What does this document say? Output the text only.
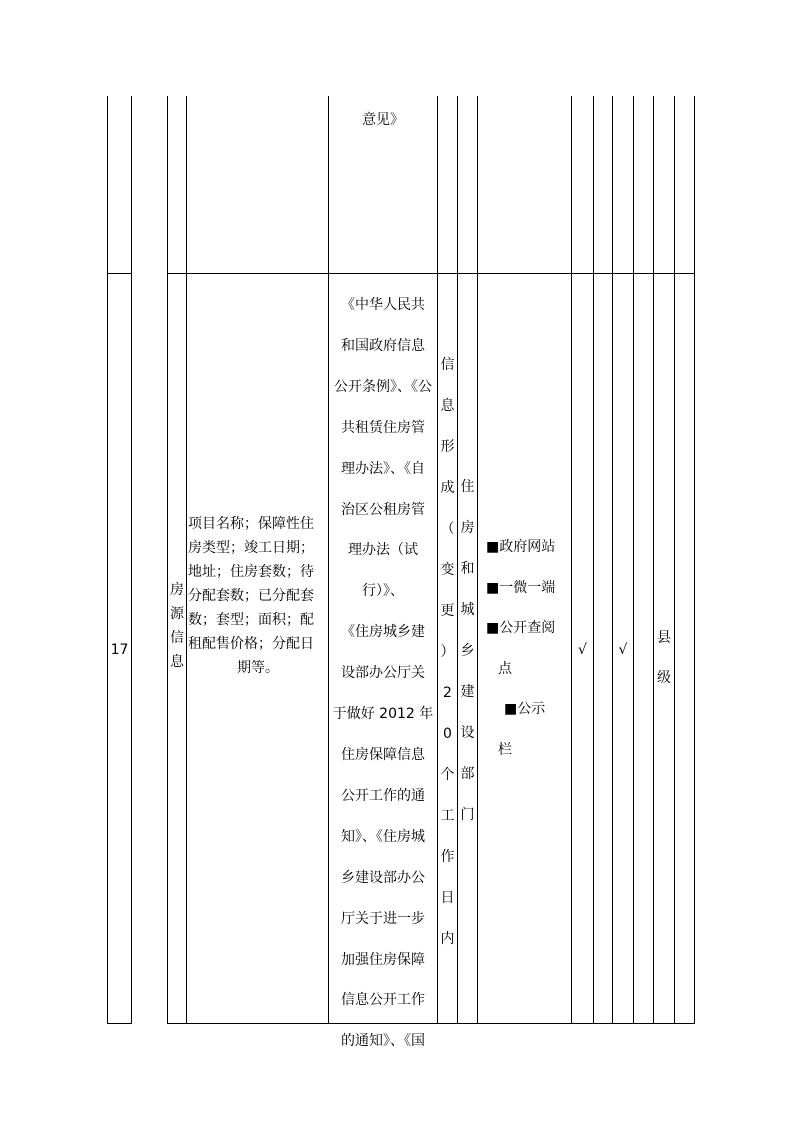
意见》
17
房
源
信
息
项目名称；保障性住
房类型；竣工日期；
地址；住房套数；待
分配套数；已分配套
数；套型；面积；配
租配售价格；分配日
期等。
《中华人民共
和国政府信息
公开条例》、《公
共租赁住房管
理办法》、《自
治区公租房管
理办法（试行）》、
《住房城乡建
设部办公厅关
于做好 2012 年
住房保障信息
公开工作的通
知》、《住房城
乡建设部办公
厅关于进一步
加强住房保障
信息公开工作
的通知》、《国
信
息
形
成
（
变
更
）
2
0
个
工
作
日
内
住
房
和
城
乡
建
设
部
门
■政府网站
■一微一端
■公开查阅
点
■公示
栏
√	√
县
级
